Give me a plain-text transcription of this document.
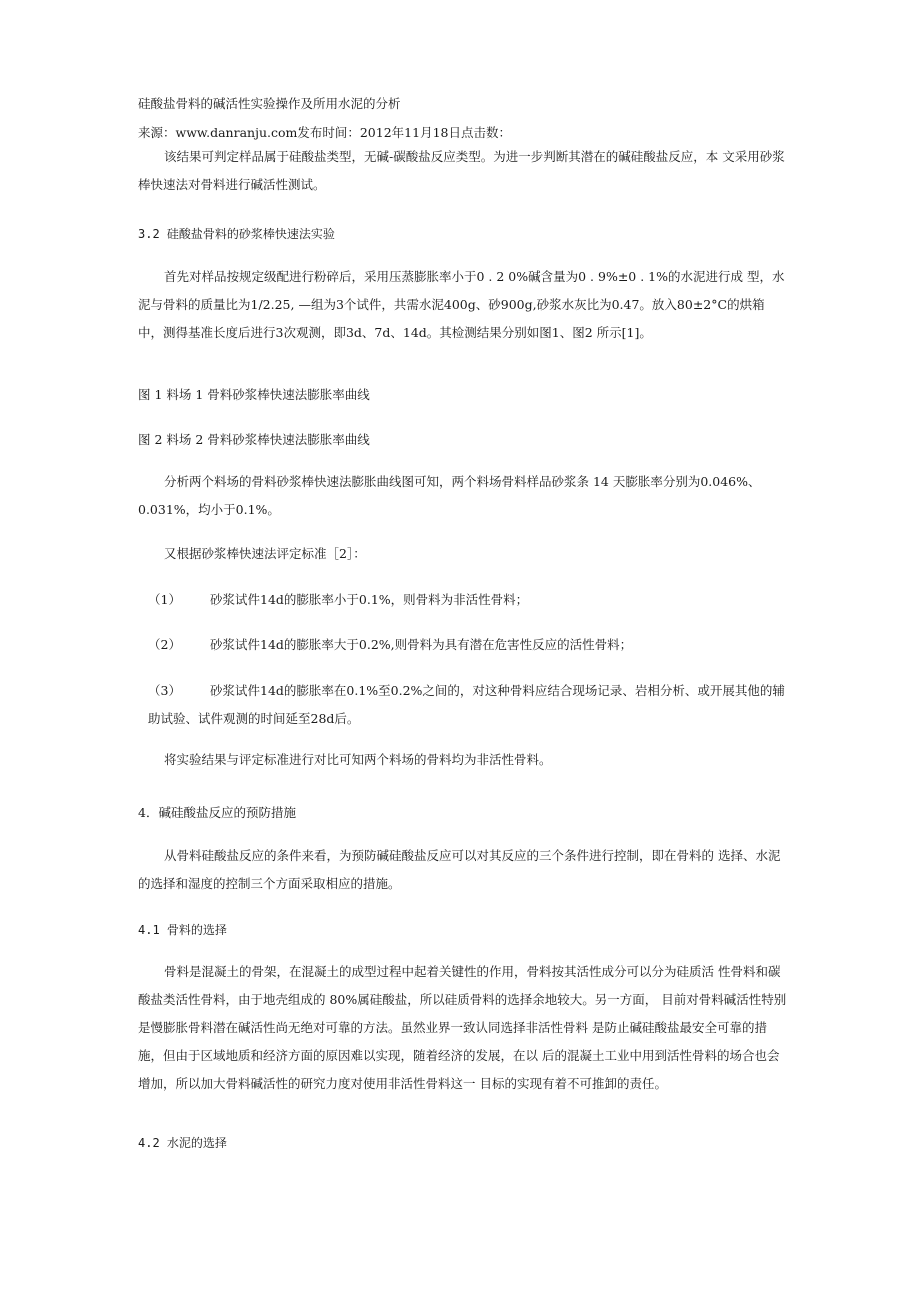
硅酸盐骨料的碱活性实验操作及所用水泥的分析
来源：www.danranju.com发布时间：2012年11月18日点击数：
该结果可判定样品属于硅酸盐类型，无碱-碳酸盐反应类型。为进一步判断其潜在的碱硅酸盐反应，本 文采用砂浆棒快速法对骨料进行碱活性测试。
3.2 硅酸盐骨料的砂浆棒快速法实验
首先对样品按规定级配进行粉碎后，采用压蒸膨胀率小于0 . 2 0%碱含量为0 . 9%±0 . 1%的水泥进行成 型，水泥与骨料的质量比为1/2.25, —组为3个试件，共需水泥400g、砂900g,砂浆水灰比为0.47。放入80±2°C的烘箱中，测得基准长度后进行3次观测，即3d、7d、14d。其检测结果分别如图1、图2 所示[1]。
图 1 料场 1 骨料砂浆棒快速法膨胀率曲线
图 2 料场 2 骨料砂浆棒快速法膨胀率曲线
分析两个料场的骨料砂浆棒快速法膨胀曲线图可知，两个料场骨料样品砂浆条 14 天膨胀率分别为0.046%、 0.031%，均小于0.1%。
又根据砂浆棒快速法评定标准［2］：
（1） 砂浆试件14d的膨胀率小于0.1%，则骨料为非活性骨料；
（2） 砂浆试件14d的膨胀率大于0.2%,则骨料为具有潜在危害性反应的活性骨料；
（3） 砂浆试件14d的膨胀率在0.1%至0.2%之间的，对这种骨料应结合现场记录、岩相分析、或开展其他的辅助试验、试件观测的时间延至28d后。
将实验结果与评定标准进行对比可知两个料场的骨料均为非活性骨料。
4．碱硅酸盐反应的预防措施
从骨料硅酸盐反应的条件来看，为预防碱硅酸盐反应可以对其反应的三个条件进行控制，即在骨料的 选择、水泥的选择和湿度的控制三个方面采取相应的措施。
4.1 骨料的选择
骨料是混凝土的骨架，在混凝土的成型过程中起着关键性的作用，骨料按其活性成分可以分为硅质活 性骨料和碳酸盐类活性骨料，由于地壳组成的 80%属硅酸盐，所以硅质骨料的选择余地较大。另一方面， 目前对骨料碱活性特别是慢膨胀骨料潜在碱活性尚无绝对可靠的方法。虽然业界一致认同选择非活性骨料 是防止碱硅酸盐最安全可靠的措施，但由于区域地质和经济方面的原因难以实现，随着经济的发展，在以 后的混凝土工业中用到活性骨料的场合也会增加，所以加大骨料碱活性的研究力度对使用非活性骨料这一 目标的实现有着不可推卸的责任。
4.2 水泥的选择
